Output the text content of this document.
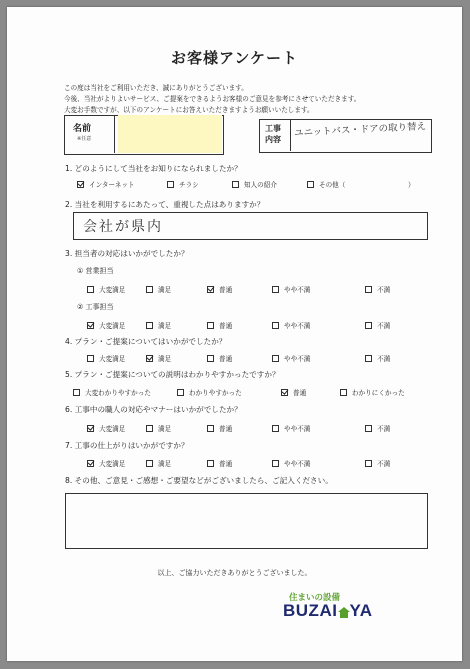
お客様アンケート
この度は当社をご利用いただき、誠にありがとうございます。
今後、当社がよりよいサービス、ご提案をできるようお客様のご意見を参考にさせていただきます。
大変お手数ですが、以下のアンケートにお答えいただきますようお願いいたします。
名前
※任意
工事
内容
ユニットバス・ドアの取り替え
1. どのようにして当社をお知りになられましたか？
インターネット	チラシ	知人の紹介	その他（	）
2. 当社を利用するにあたって、重視した点はありますか？
会社が県内
3. 担当者の対応はいかがでしたか？
① 営業担当
大変満足	満足	普通	やや不満	不満
② 工事担当
大変満足	満足	普通	やや不満	不満
4. プラン・ご提案についてはいかがでしたか？
大変満足	満足	普通	やや不満	不満
5. プラン・ご提案についての説明はわかりやすかったですか？
大変わかりやすかった	わかりやすかった	普通	わかりにくかった
6. 工事中の職人の対応やマナーはいかがでしたか？
大変満足	満足	普通	やや不満	不満
7. 工事の仕上がりはいかがですか？
大変満足	満足	普通	やや不満	不満
8. その他、ご意見・ご感想・ご要望などがございましたら、ご記入ください。
以上、ご協力いただきありがとうございました。
住まいの設備
BUZAI YA
